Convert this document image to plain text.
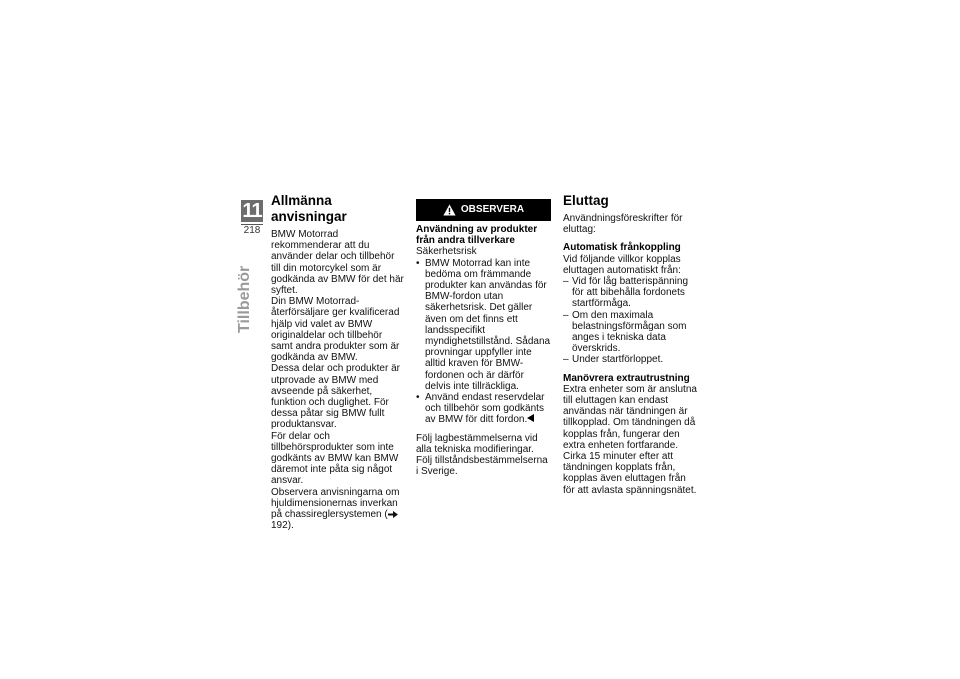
11
218
Tillbehör
Allmänna anvisningar

BMW Motorrad rekommenderar att du använder delar och tillbehör till din motorcykel som är godkända av BMW för det här syftet.

Din BMW Motorrad-återförsäljare ger kvalificerad hjälp vid valet av BMW originaldelar och tillbehör samt andra produkter som är godkända av BMW.

Dessa delar och produkter är utprovade av BMW med avseende på säkerhet, funktion och duglighet. För dessa påtar sig BMW fullt produktansvar.

För delar och tillbehörsprodukter som inte godkänts av BMW kan BMW däremot inte påta sig något ansvar.

Observera anvisningarna om hjuldimensionernas inverkan på chassireglersystemen ( 192).

OBSERVERA
Användning av produkter från andra tillverkare

Säkerhetsrisk

• BMW Motorrad kan inte bedöma om främmande produkter kan användas för BMW-fordon utan säkerhetsrisk. Det gäller även om det finns ett landsspecifikt myndighetstillstånd. Sådana provningar uppfyller inte alltid kraven för BMW-fordonen och är därför delvis inte tillräckliga.
• Använd endast reservdelar och tillbehör som godkänts av BMW för ditt fordon.

Följ lagbestämmelserna vid alla tekniska modifieringar. Följ tillståndsbestämmelserna i Sverige.

Eluttag

Användningsföreskrifter för eluttag:

Automatisk frånkoppling

Vid följande villkor kopplas eluttagen automatiskt från:

– Vid för låg batterispänning för att bibehålla fordonets startförmåga.
– Om den maximala belastningsförmågan som anges i tekniska data överskrids.
– Under startförloppet.
Manövrera extrautrustning

Extra enheter som är anslutna till eluttagen kan endast användas när tändningen är tillkopplad. Om tändningen då kopplas från, fungerar den extra enheten fortfarande. Cirka 15 minuter efter att tändningen kopplats från, kopplas även eluttagen från för att avlasta spänningsnätet.
